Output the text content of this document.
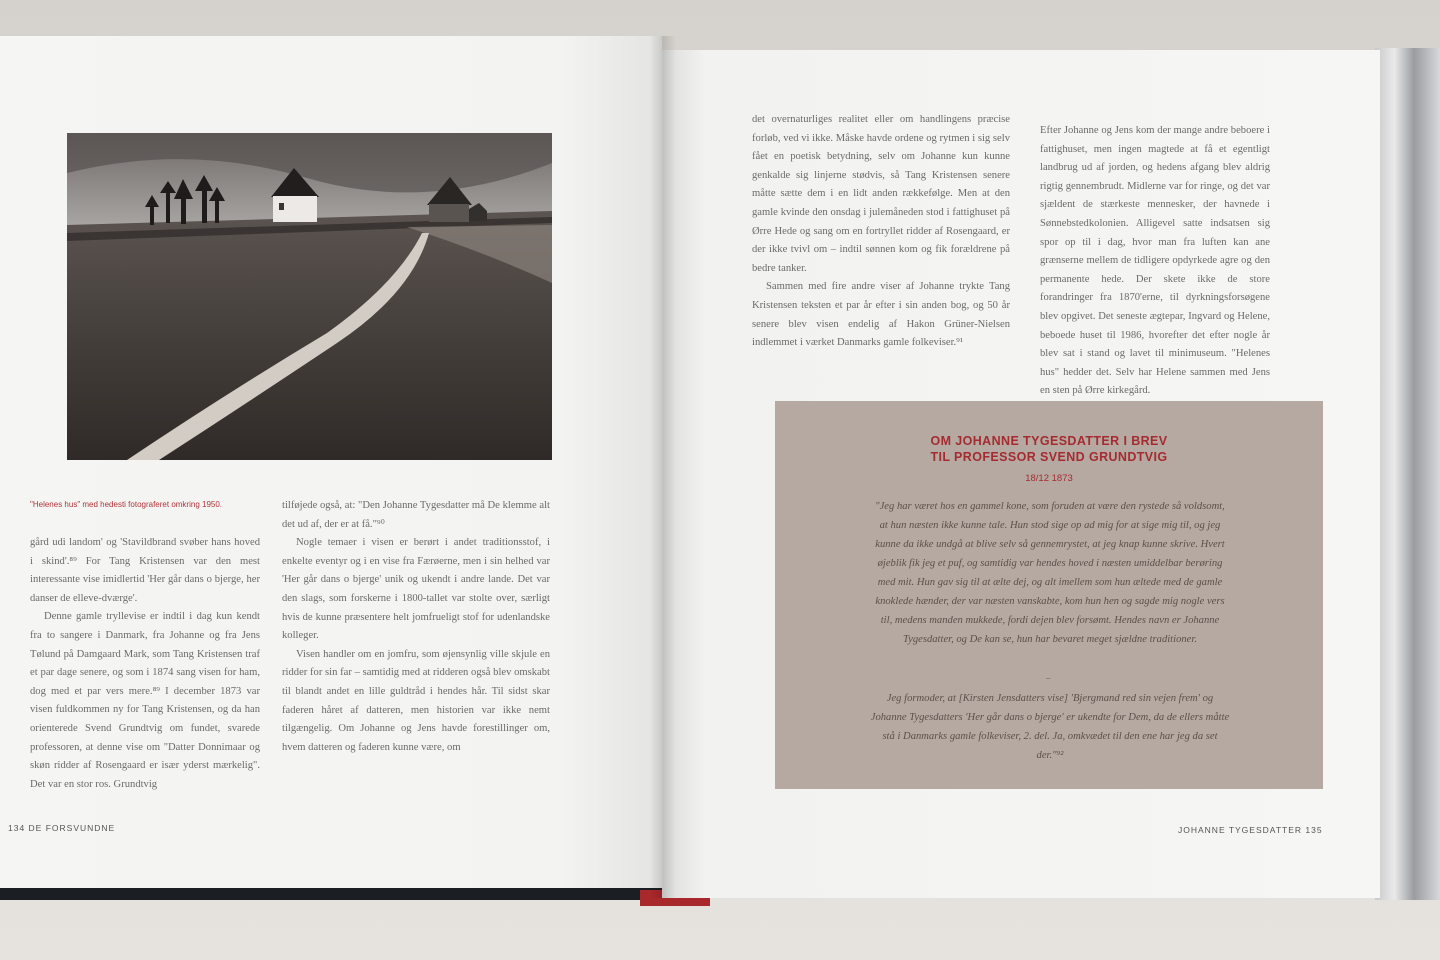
"Helenes hus" med hedesti fotograferet omkring 1950.

gård udi landom' og 'Stavildbrand svøber hans hoved i skind'.⁸⁹ For Tang Kristensen var den mest interessante vise imidlertid 'Her går dans o bjerge, her danser de elleve-dværge'.

Denne gamle tryllevise er indtil i dag kun kendt fra to sangere i Danmark, fra Johanne og fra Jens Tølund på Damgaard Mark, som Tang Kristensen traf et par dage senere, og som i 1874 sang visen for ham, dog med et par vers mere.⁸⁹ I december 1873 var visen fuldkommen ny for Tang Kristensen, og da han orienterede Svend Grundtvig om fundet, svarede professoren, at denne vise om "Datter Donnimaar og skøn ridder af Rosengaard er især yderst mærkelig". Det var en stor ros. Grundtvig

tilføjede også, at: "Den Johanne Tygesdatter må De klemme alt det ud af, der er at få."⁹⁰

Nogle temaer i visen er berørt i andet traditionsstof, i enkelte eventyr og i en vise fra Færøerne, men i sin helhed var 'Her går dans o bjerge' unik og ukendt i andre lande. Det var den slags, som forskerne i 1800-tallet var stolte over, særligt hvis de kunne præsentere helt jomfrueligt stof for udenlandske kolleger.

Visen handler om en jomfru, som øjensynlig ville skjule en ridder for sin far – samtidig med at ridderen også blev omskabt til blandt andet en lille guldtråd i hendes hår. Til sidst skar faderen håret af datteren, men historien var ikke nemt tilgængelig. Om Johanne og Jens havde forestillinger om, hvem datteren og faderen kunne være, om

134 DE FORSVUNDNE

det overnaturliges realitet eller om handlingens præcise forløb, ved vi ikke. Måske havde ordene og rytmen i sig selv fået en poetisk betydning, selv om Johanne kun kunne genkalde sig linjerne stødvis, så Tang Kristensen senere måtte sætte dem i en lidt anden rækkefølge. Men at den gamle kvinde den onsdag i julemåneden stod i fattighuset på Ørre Hede og sang om en fortryllet ridder af Rosengaard, er der ikke tvivl om – indtil sønnen kom og fik forældrene på bedre tanker.

Sammen med fire andre viser af Johanne trykte Tang Kristensen teksten et par år efter i sin anden bog, og 50 år senere blev visen endelig af Hakon Grüner-Nielsen indlemmet i værket Danmarks gamle folkeviser.⁹¹

Efter Johanne og Jens kom der mange andre beboere i fattighuset, men ingen magtede at få et egentligt landbrug ud af jorden, og hedens afgang blev aldrig rigtig gennembrudt. Midlerne var for ringe, og det var sjældent de stærkeste mennesker, der havnede i Sønnebstedkolonien. Alligevel satte indsatsen sig spor op til i dag, hvor man fra luften kan ane grænserne mellem de tidligere opdyrkede agre og den permanente hede. Der skete ikke de store forandringer fra 1870'erne, til dyrkningsforsøgene blev opgivet. Det seneste ægtepar, Ingvard og Helene, beboede huset til 1986, hvorefter det efter nogle år blev sat i stand og lavet til minimuseum. "Helenes hus" hedder det. Selv har Helene sammen med Jens en sten på Ørre kirkegård.

OM JOHANNE TYGESDATTER I BREV
TIL PROFESSOR SVEND GRUNDTVIG
18/12 1873
"Jeg har været hos en gammel kone, som foruden at være den rystede så voldsomt, at hun næsten ikke kunne tale. Hun stod sige op ad mig for at sige mig til, og jeg kunne da ikke undgå at blive selv så gennemrystet, at jeg knap kunne skrive. Hvert øjeblik fik jeg et puf, og samtidig var hendes hoved i næsten umiddelbar berøring med mit. Hun gav sig til at ælte dej, og alt imellem som hun æltede med de gamle knoklede hænder, der var næsten vanskabte, kom hun hen og sagde mig nogle vers til, medens manden mukkede, fordi dejen blev forsømt. Hendes navn er Johanne Tygesdatter, og De kan se, hun har bevaret meget sjældne traditioner.
–
Jeg formoder, at [Kirsten Jensdatters vise] 'Bjergmand red sin vejen frem' og Johanne Tygesdatters 'Her går dans o bjerge' er ukendte for Dem, da de ellers måtte stå i Danmarks gamle folkeviser, 2. del. Ja, omkvædet til den ene har jeg da set der."⁹²
JOHANNE TYGESDATTER 135
